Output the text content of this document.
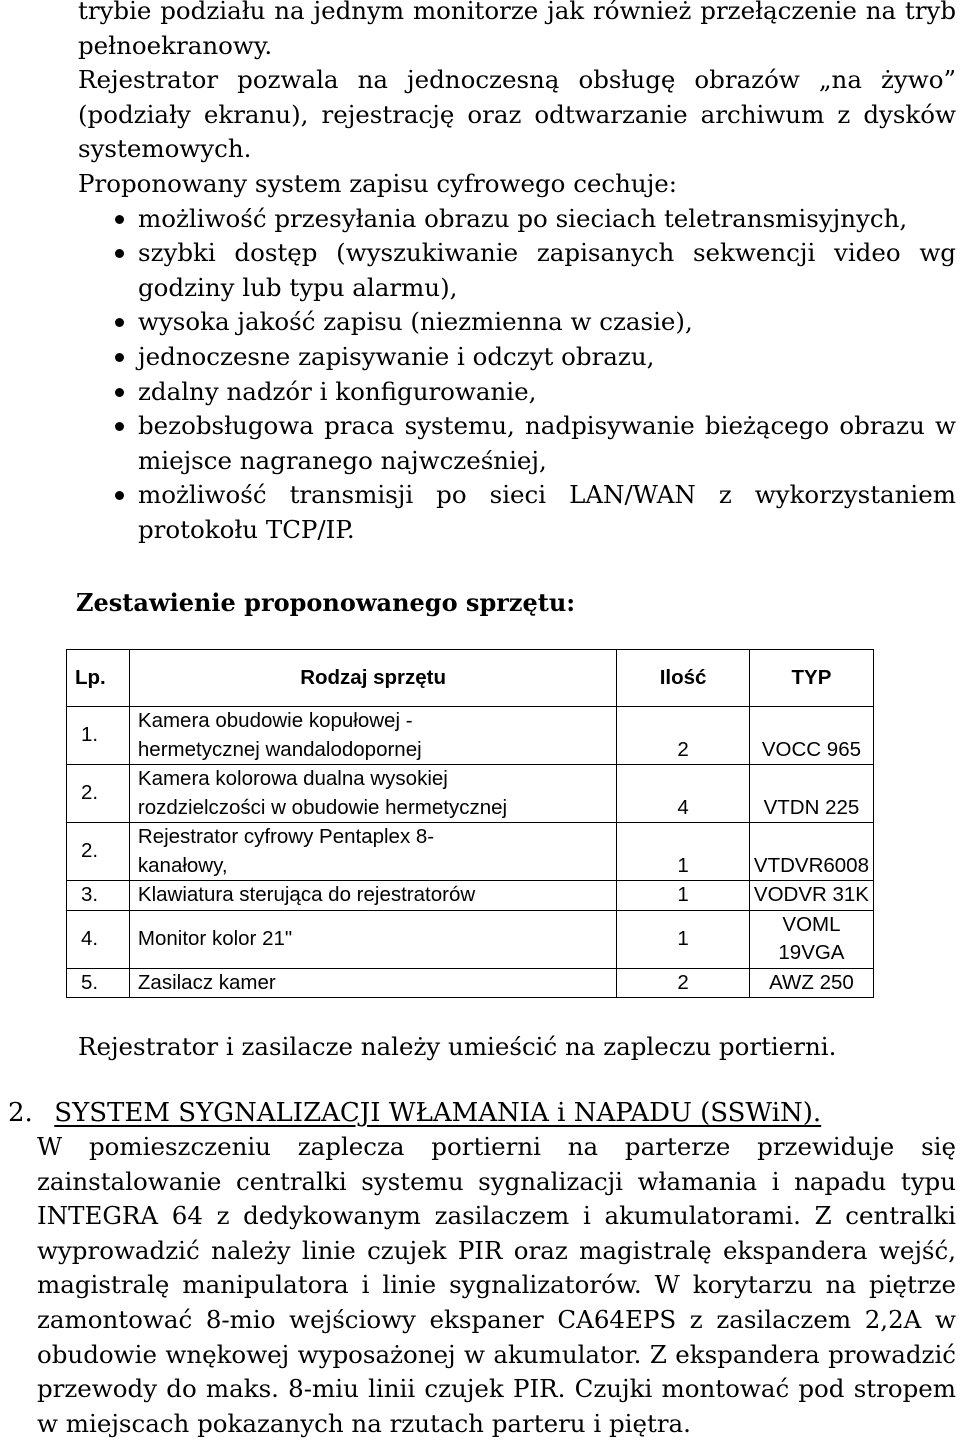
trybie podziału na jednym monitorze jak również przełączenie na tryb pełnoekranowy.

Rejestrator pozwala na jednoczesną obsługę obrazów „na żywo” (podziały ekranu), rejestrację oraz odtwarzanie archiwum z dysków systemowych.

Proponowany system zapisu cyfrowego cechuje:

możliwość przesyłania obrazu po sieciach teletransmisyjnych,
szybki dostęp (wyszukiwanie zapisanych sekwencji video wg godziny lub typu alarmu),
wysoka jakość zapisu (niezmienna w czasie),
jednoczesne zapisywanie i odczyt obrazu,
zdalny nadzór i konfigurowanie,
bezobsługowa praca systemu, nadpisywanie bieżącego obrazu w miejsce nagranego najwcześniej,
możliwość transmisji po sieci LAN/WAN z wykorzystaniem protokołu TCP/IP.
Zestawienie proponowanego sprzętu:
Lp.	Rodzaj sprzętu	Ilość	TYP
1.	Kamera obudowie kopułowej -
hermetycznej wandalodopornej	2	VOCC 965
2.	Kamera kolorowa dualna wysokiej
rozdzielczości w obudowie hermetycznej	4	VTDN 225
2.	Rejestrator cyfrowy Pentaplex 8-
kanałowy,	1	VTDVR6008
3.	Klawiatura sterująca do rejestratorów	1	VODVR 31K
4.	Monitor kolor 21"	1	VOML 19VGA
5.	Zasilacz kamer	2	AWZ 250
Rejestrator i zasilacze należy umieścić na zapleczu portierni.
2. SYSTEM SYGNALIZACJI WŁAMANIA i NAPADU (SSWiN).
W pomieszczeniu zaplecza portierni na parterze przewiduje się zainstalowanie centralki systemu sygnalizacji włamania i napadu typu INTEGRA 64 z dedykowanym zasilaczem i akumulatorami. Z centralki wyprowadzić należy linie czujek PIR oraz magistralę ekspandera wejść, magistralę manipulatora i linie sygnalizatorów. W korytarzu na piętrze zamontować 8-mio wejściowy ekspaner CA64EPS z zasilaczem 2,2A w obudowie wnękowej wyposażonej w akumulator. Z ekspandera prowadzić przewody do maks. 8-miu linii czujek PIR. Czujki montować pod stropem w miejscach pokazanych na rzutach parteru i piętra.
